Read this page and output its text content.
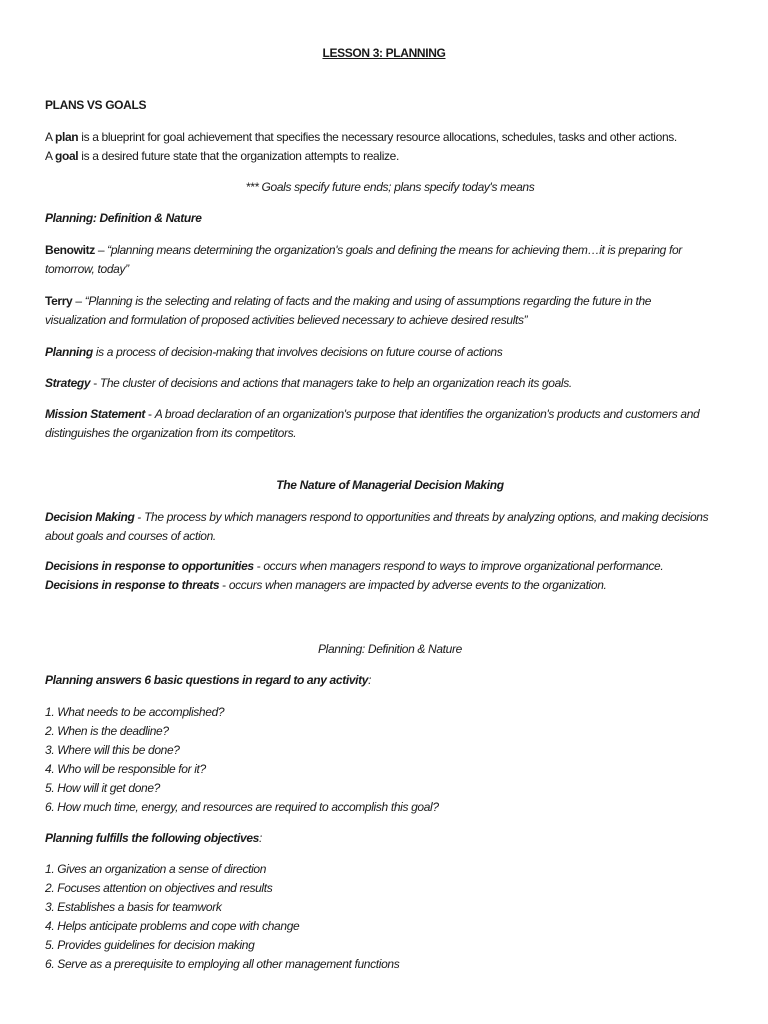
LESSON 3: PLANNING
PLANS VS GOALS
A plan is a blueprint for goal achievement that specifies the necessary resource allocations, schedules, tasks and other actions.
A goal is a desired future state that the organization attempts to realize.
*** Goals specify future ends; plans specify today's means
Planning: Definition & Nature
Benowitz – “planning means determining the organization's goals and defining the means for achieving them…it is preparing for
tomorrow, today”
Terry – “Planning is the selecting and relating of facts and the making and using of assumptions regarding the future in the
visualization and formulation of proposed activities believed necessary to achieve desired results”
Planning is a process of decision-making that involves decisions on future course of actions
Strategy - The cluster of decisions and actions that managers take to help an organization reach its goals.
Mission Statement - A broad declaration of an organization's purpose that identifies the organization's products and customers and
distinguishes the organization from its competitors.
The Nature of Managerial Decision Making
Decision Making - The process by which managers respond to opportunities and threats by analyzing options, and making decisions
about goals and courses of action.
Decisions in response to opportunities - occurs when managers respond to ways to improve organizational performance.
Decisions in response to threats - occurs when managers are impacted by adverse events to the organization.
Planning: Definition & Nature
Planning answers 6 basic questions in regard to any activity:
1. What needs to be accomplished?
2. When is the deadline?
3. Where will this be done?
4. Who will be responsible for it?
5. How will it get done?
6. How much time, energy, and resources are required to accomplish this goal?
Planning fulfills the following objectives:
1. Gives an organization a sense of direction
2. Focuses attention on objectives and results
3. Establishes a basis for teamwork
4. Helps anticipate problems and cope with change
5. Provides guidelines for decision making
6. Serve as a prerequisite to employing all other management functions
